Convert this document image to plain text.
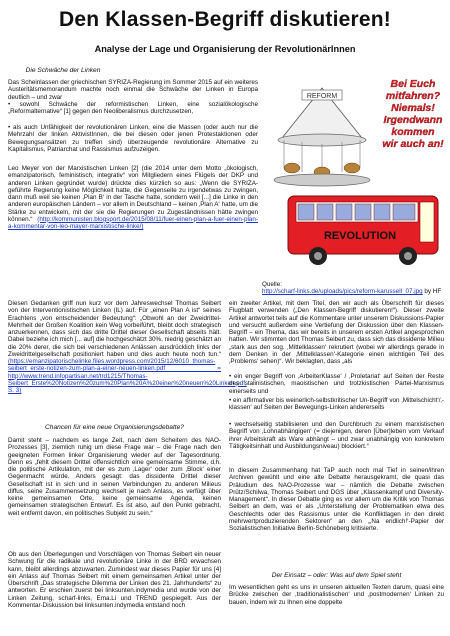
Den Klassen-Begriff diskutieren!
Analyse der Lage und Organisierung der RevolutionärInnen
Die Schwäche der Linken

Das Scheinlassen der griechischen SYRIZA-Regierung im Sommer 2015 auf ein weiteres Austeritätsmemorandum machte noch einmal die Schwäche der Linken in Europa deutlich – und zwar

• sowohl Schwäche der reformistischen Linken, eine sozialökologische „Reformalternative“ [1] gegen den Neoliberalismus durchzusetzen,

• als auch Unfähigkeit der revolutionären Linken, eine die Massen (oder auch nur die Mehrzahl der linken AktivistInnen, die bei diesen oder jenen Protestaktionen oder Bewegungsansätzen zu treffen sind) überzeugende revolutionäre Alternative zu Kapitalismus, Patriarchat und Rassismus aufzuzeigen.

Leo Meyer von der Marxistischen Linken [2] (die 2014 unter dem Motto „ökologisch, emanzipatorisch, feministisch, integrativ“ von Mitgliedern eines Flügels der DKP und anderen Linken gegründet wurde) drückte dies kürzlich so aus: „Wenn die SYRIZA-geführte Regierung keine Möglichkeit hatte, die Gegenseite zu irgendetwas zu zwingen, dann muß weil sie keinen ‚Plan B‘ in der Tasche hatte, sondern weil [...] die Linke in den anderen europäischen Ländern – vor allem in Deutschland – keinen ‚Plan A‘ hatte, um die Stärke zu entwickeln, mit der sie die Regierungen zu Zugeständnissen hätte zwingen können.“ (http://kommunisten.blogsport.de/2015/08/11/fuer-einen-plan-a-fuer-einen-plan-a-kommentar-von-leo-mayer-marxistische-linke/)

REFORM
REVOLUTION
Bei Euch
mitfahren?
Niemals!
Irgendwann
kommen
wir auch an!
Quelle:
http://scharf-links.de/uploads/pics/reform-karussell_07.jpg by HF

Diesen Gedanken griff nun kurz vor dem Jahreswechsel Thomas Seibert von der Interventionistischen Linken (IL) auf. Für „einen Plan A ist“ seines Erachtens „von entscheidender Bedeutung“: „Obwohl an der Zweidrittel-Mehrheit der Großen Koalition kein Weg vorbeiführt, bleibt doch strategisch anzuerkennen, dass sich das dritte Drittel dieser Gesellschaft abseits hält. Dabei beziehe ich mich [... auf] die hochgeschätzt 30%, niedrig geschätzt an die 20% derer, die sich bei verschiedenen Anlässen ausdrücklich links der Zweidrittelgesellschaft positioniert haben und dies auch heute noch tun.“ (https://emanzipatorischelinke.files.wordpress.com/2015/12/6010_thomas-seibert_erste-notizen-zum-plan-a-einer-neuen-linken.pdf = http://www.trend.infopartisan.net/trd1215/Thomas-Seibert_Erste%20Notizen%20zum%20Plan%20A%20einer%20neuen%20Linken.pdf, S. 3)

Chancen für eine neue Organisierungsdebatte?

Damit steht – nachdem es lange Zeit, nach dem Scheitern des NAO-Prozesses [3], ziemlich ruhig um diese Frage war – die Frage nach den geeigneten Formen linker Organisierung wieder auf der Tagesordnung. Denn es „fehlt diesem Drittel offensichtlich eine gemeinsame Stimme, d.h. die politische Artikulation, mit der es zum ‚Lager‘ oder zum ‚Block‘ einer Gegenmacht würde. Anders gesagt: das dissidente Drittel dieser Gesellschaft ist in sich und in seinen Verbindungen zu anderen Milieus diffus, seine Zusammensetzung wechselt je nach Anlass, es verfügt über keine gemeinsamen Orte, keine gemeinsame Agenda, keinen gemeinsamen strategischen Entwurf. Es ist also, auf den Punkt gebracht, weit entfernt davon, ein politisches Subjekt zu sein.“

Ob aus den Überlegungen und Vorschlägen von Thomas Seibert ein neuer Schwung für die radikale und revolutionäre Linke in der BRD erwachsen kann, bleibt allerdings abzuwarten. Zumindest war dieses Papier für uns [4] ein Anlass auf Thomas Seibert mit einem gemeinsamen Artikel unter der Überschrift „Das strategische Dilemma der Linken des 21. Jahrhunderts“ zu antworten. Er erschien zuerst bei linksunten.indymedia und wurde von der Linken Zeitung, scharf-links, Ema.Li und TREND gespiegelt. Aus der Kommentar-Diskussion bei linksunten.indymedia entstand noch

ein zweiter Artikel, mit dem Titel, den wir auch als Überschrift für dieses Flugblatt verwenden („Den Klassen-Begriff diskutieren!“). Dieser zweite Artikel antwortet teils auf die Kommentare unter unserem Diskussions-Papier und versucht außerdem eine Vertiefung der Diskussion über den Klassen-Begriff – ein Thema, das wir bereits in unserem ersten Artikel angesprochen hatten. Wir stimmten dort Thomas Seibert zu, dass sich das dissidente Milieu „stark aus den sog. ‚Mittelklassen‘ rekrutiert (wobei wir allerdings gerade in dem Denken in der ‚Mittelklassen‘-Kategorie einen wichtigen Teil des ‚Problems‘ sehen)“. Wir beklagten, dass „als

• ein enger Begriff von ‚ArbeiterKlasse‘ / ‚Proletariat‘ auf Seiten der Reste des stalinistischen, maoistischen und trotzkistischen Partei-Marxismus einerseits und

• ein affirmativer bis weinerlich-selbstkritischer Un-Begriff von ‚Mittelschicht‘/‚-klassen‘ auf Seiten der Bewegungs-Linken andererseits

• wechselseitig stabilisieren und den Durchbruch zu einem marxistischen Begriff von ‚Lohnabhängigen‘ (= diejenigen, deren [Über]leben vom Verkauf ihrer Arbeitskraft als Ware abhängt – und zwar unabhängig von konkretem Tätigkeitsinhalt und Ausbildungsniveau) blockiert.“

In diesem Zusammenhang hat TaP auch noch mal Tief in seinen/ihren Archiven gewühlt und eine alte Debatte herausgekramt, die quasi das Präludium des NAO-Prozesse war – nämlich die Debatte zwischen Prütz/Schilwa, Thomas Seibert und DGS über „Klassenkampf und Diversity-Management“. In dieser Debatte ging es vor allem um die Kritik von Thomas Seibert an dem, was er als „Unterstellung der Problematiken etwa des Geschlechts oder des Rassismus unter die Konfliktlagen in den direkt mehrwertproduzierenden Sektoren“ an den „‚Na endlich!‘-Papier der Sozialistischen Initiative Berlin-Schöneberg kritisierte.

Der Einsatz – oder: Was auf dem Spiel steht

Im wesentlichen geht es uns in unseren aktuellen Texten darum, quasi eine Brücke zwischen der ‚traditionalistischen‘ und ‚postmodernen‘ Linken zu bauen, indem wir zu Ihnen eine doppelte
